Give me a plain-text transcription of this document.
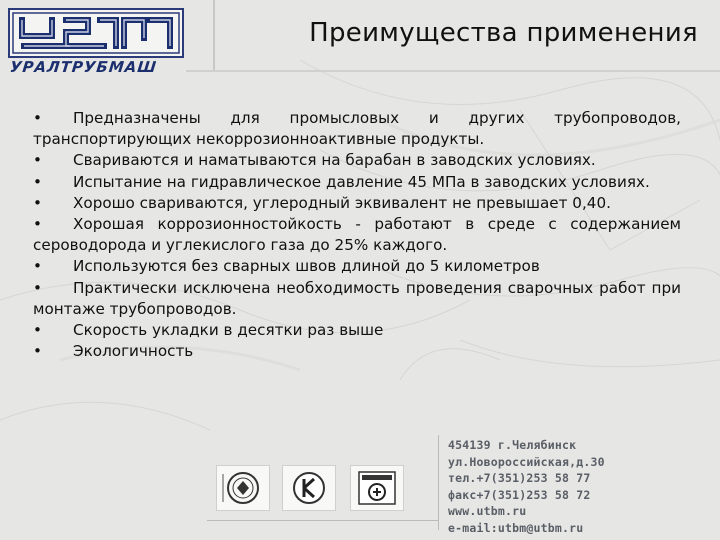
УРАЛТРУБМАШ
Преимущества применения

• Предназначены для промысловых и других трубопроводов, транспортирующих некоррозионноактивные продукты.

• Свариваются и наматываются на барабан в заводских условиях.

• Испытание на гидравлическое давление 45 МПа в заводских условиях.

• Хорошо свариваются, углеродный эквивалент не превышает 0,40.

• Хорошая коррозионностойкость - работают в среде с содержанием сероводорода и углекислого газа до 25% каждого.

• Используются без сварных швов длиной до 5 километров

• Практически исключена необходимость проведения сварочных работ при монтаже трубопроводов.

• Скорость укладки в десятки раз выше

• Экологичность

454139 г.Челябинск
ул.Новороссийская,д.30
тел.+7(351)253 58 77
факс+7(351)253 58 72
www.utbm.ru
e-mail:utbm@utbm.ru
